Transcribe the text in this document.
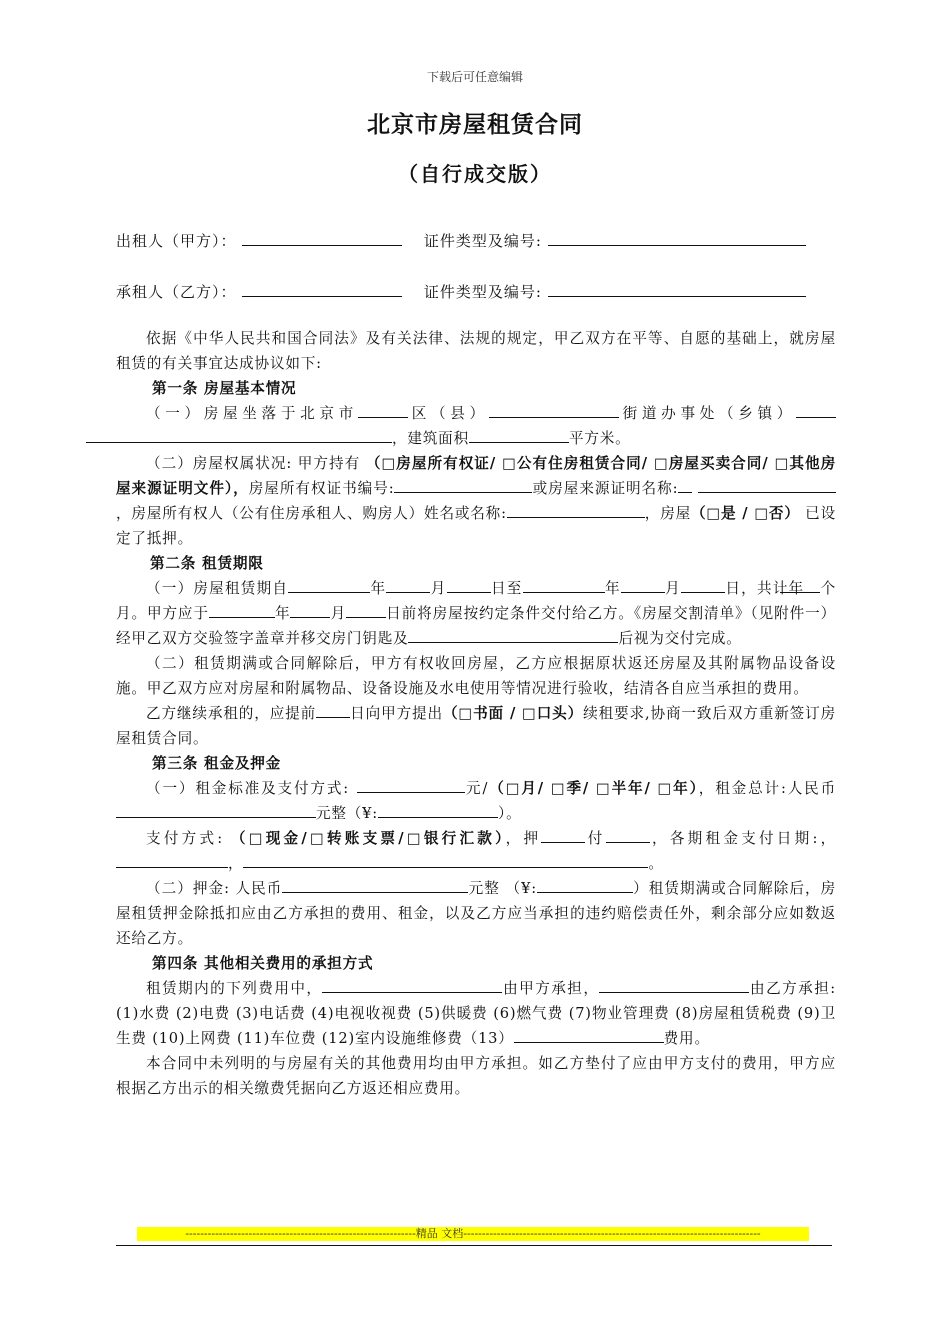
下载后可任意编辑
北京市房屋租赁合同
（自行成交版）
出租人（甲方）：	证件类型及编号:
承租人（乙方）：	证件类型及编号:

依据《中华人民共和国合同法》及有关法律、法规的规定，甲乙双方在平等、自愿的基础上，就房屋租赁的有关事宜达成协议如下:

第一条 房屋基本情况

（一）房屋坐落于北京市	区（县）	街道办事处（乡镇） ，建筑面积	平方米。

（二）房屋权属状况: 甲方持有 （□房屋所有权证/ □公有住房租赁合同/ □房屋买卖合同/ □其他房屋来源证明文件），房屋所有权证书编号:	或房屋来源证明名称: ，房屋所有权人（公有住房承租人、购房人）姓名或名称:	，房屋（□是 / □否） 已设定了抵押。

第二条 租赁期限

（一）房屋租赁期自	年	月	日至	年	月	日，共计年 个月。甲方应于	年	月	日前将房屋按约定条件交付给乙方。《房屋交割清单》（见附件一）经甲乙双方交验签字盖章并移交房门钥匙及	后视为交付完成。

（二）租赁期满或合同解除后，甲方有权收回房屋，乙方应根据原状返还房屋及其附属物品设备设施。甲乙双方应对房屋和附属物品、设备设施及水电使用等情况进行验收，结清各自应当承担的费用。

乙方继续承租的，应提前 日向甲方提出（□书面 / □口头）续租要求,协商一致后双方重新签订房屋租赁合同。

第三条 租金及押金

（一）租金标准及支付方式:	元/（□月/ □季/ □半年/ □年），租金总计:人民币元整（¥:	）。

支付方式: （□现金/□转账支票/□银行汇款），押	付	，各期租金支付日期:，，	。

（二）押金: 人民币	元整 （¥:	）租赁期满或合同解除后，房屋租赁押金除抵扣应由乙方承担的费用、租金，以及乙方应当承担的违约赔偿责任外，剩余部分应如数返还给乙方。

第四条 其他相关费用的承担方式

租赁期内的下列费用中，	由甲方承担，	由乙方承担: (1)水费 (2)电费 (3)电话费 (4)电视收视费 (5)供暖费 (6)燃气费 (7)物业管理费 (8)房屋租赁税费 (9)卫生费 (10)上网费 (11)车位费 (12)室内设施维修费（13）	费用。

本合同中未列明的与房屋有关的其他费用均由甲方承担。如乙方垫付了应由甲方支付的费用，甲方应根据乙方出示的相关缴费凭据向乙方返还相应费用。

--------------------------------------------------------------精品 文档--------------------------------------------------------------------------------
